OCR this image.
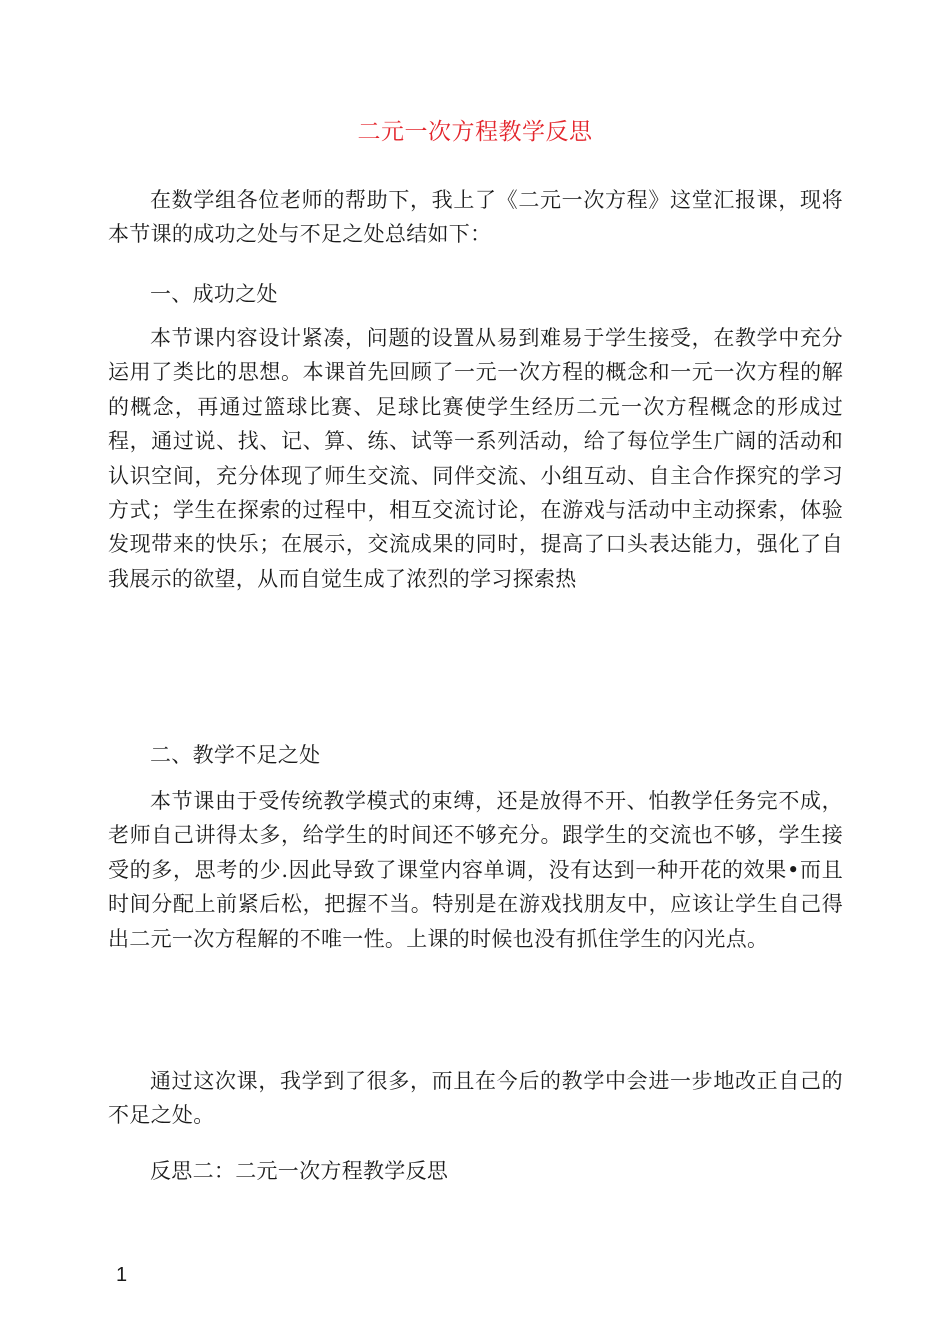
二元一次方程教学反思

在数学组各位老师的帮助下，我上了《二元一次方程》这堂汇报课，现将本节课的成功之处与不足之处总结如下：

一、成功之处

本节课内容设计紧凑，问题的设置从易到难易于学生接受，在教学中充分运用了类比的思想。本课首先回顾了一元一次方程的概念和一元一次方程的解的概念，再通过篮球比赛、足球比赛使学生经历二元一次方程概念的形成过程，通过说、找、记、算、练、试等一系列活动，给了每位学生广阔的活动和认识空间，充分体现了师生交流、同伴交流、小组互动、自主合作探究的学习方式；学生在探索的过程中，相互交流讨论，在游戏与活动中主动探索，体验发现带来的快乐；在展示，交流成果的同时，提高了口头表达能力，强化了自我展示的欲望，从而自觉生成了浓烈的学习探索热

二、教学不足之处

本节课由于受传统教学模式的束缚，还是放得不开、怕教学任务完不成，老师自己讲得太多，给学生的时间还不够充分。跟学生的交流也不够，学生接受的多，思考的少.因此导致了课堂内容单调，没有达到一种开花的效果•而且时间分配上前紧后松，把握不当。特别是在游戏找朋友中，应该让学生自己得出二元一次方程解的不唯一性。上课的时候也没有抓住学生的闪光点。

通过这次课，我学到了很多，而且在今后的教学中会进一步地改正自己的不足之处。

反思二：二元一次方程教学反思

1
